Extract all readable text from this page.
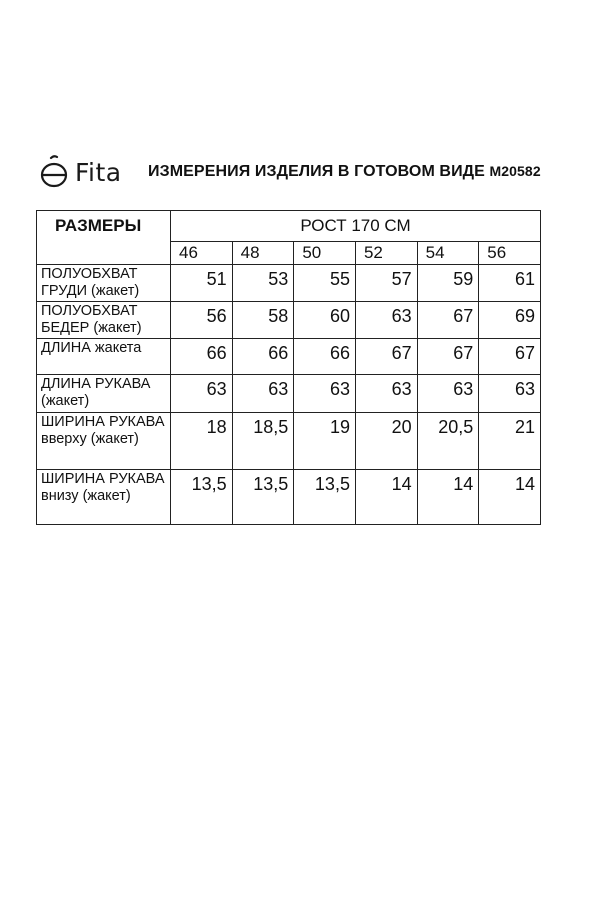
Fita ИЗМЕРЕНИЯ ИЗДЕЛИЯ В ГОТОВОМ ВИДЕ M20582
РАЗМЕРЫ	РОСТ 170 СМ					
	46	48	50	52	54	56
ПОЛУОБХВАТ ГРУДИ (жакет)	51	53	55	57	59	61
ПОЛУОБХВАТ БЕДЕР (жакет)	56	58	60	63	67	69
ДЛИНА жакета	66	66	66	67	67	67
ДЛИНА РУКАВА (жакет)	63	63	63	63	63	63
ШИРИНА РУКАВА вверху (жакет)	18	18,5	19	20	20,5	21
ШИРИНА РУКАВА внизу (жакет)	13,5	13,5	13,5	14	14	14
